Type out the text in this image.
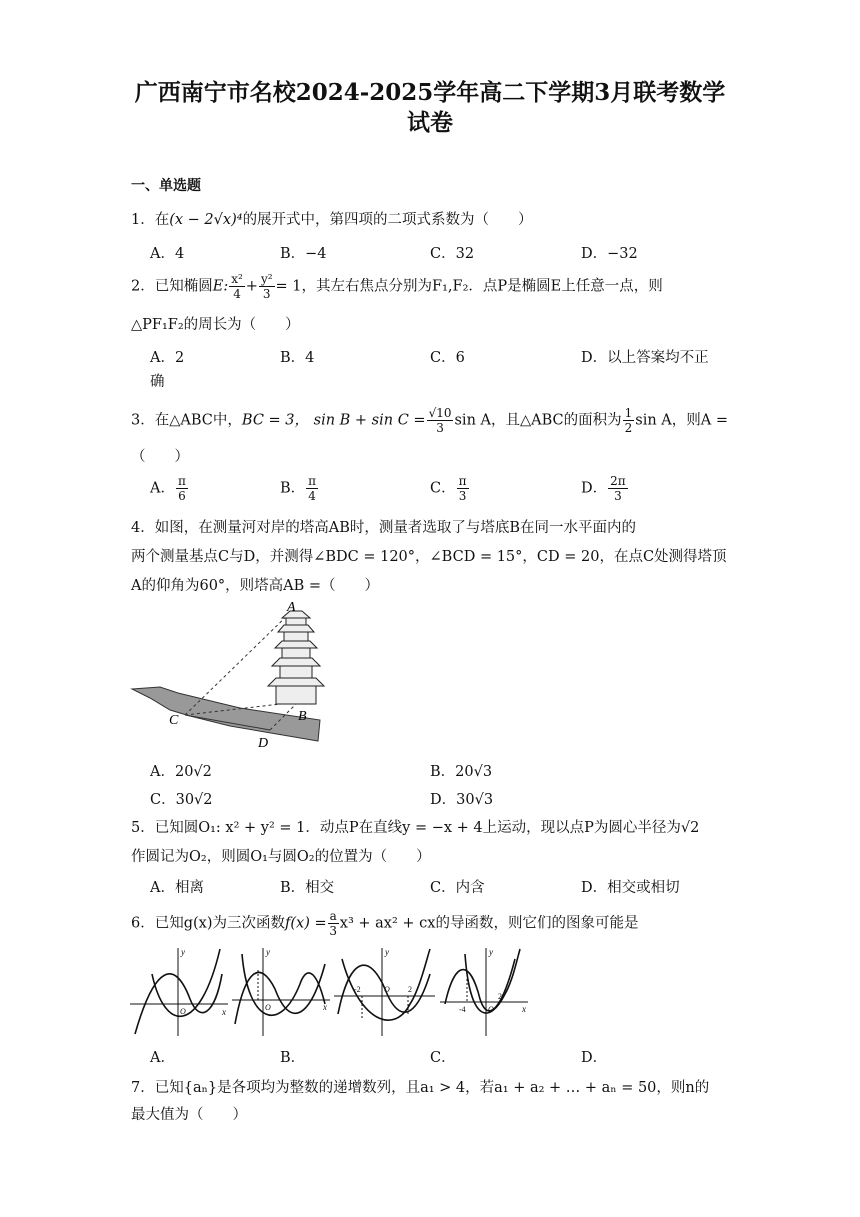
广西南宁市名校2024-2025学年高二下学期3月联考数学
试卷
一、单选题
1．在(x − 2√x)⁴的展开式中，第四项的二项式系数为（　　）
A．4	B．−4	C．32	D．−32
2．已知椭圆E: $\frac{\text{x²}}{4} + \frac{\text{y²}}{3} = 1$，其左右焦点分别为F₁,F₂．点P是椭圆E上任意一点，则
△PF₁F₂的周长为（　　）
A．2	B．4	C．6	D．以上答案均不正
确
3．在△ABC中，BC = 3， $\sin B + \sin C = \frac{√10}{3}$ sin A，且△ABC的面积为 $\frac{1}{2}$ sin A，则A =
（　　）
A． $\frac{\pi}{6}$	B． $\frac{\pi}{4}$	C． $\frac{\pi}{3}$	D． $\frac{2\pi}{3}$
4．如图，在测量河对岸的塔高AB时，测量者选取了与塔底B在同一水平面内的
两个测量基点C与D，并测得∠BDC = 120°，∠BCD = 15°，CD = 20，在点C处测得塔顶
A的仰角为60°，则塔高AB =（　　）
A
B
C
D
A．20√2	B．20√3
C．30√2	D．30√3
5．已知圆O₁: x² + y² = 1．动点P在直线y = −x + 4上运动，现以点P为圆心半径为√2
作圆记为O₂，则圆O₁与圆O₂的位置为（　　）
A．相离	B．相交	C．内含	D．相交或相切
6．已知g(x)为三次函数$f(x) = \frac{a}{3} x^3 + ax^2$ + cx的导函数，则它们的图象可能是
y
x
O
y
x
O
y
-2	2
O
y
x
-4
2
O
A．	B．	C．	D．
7．已知{aₙ}是各项均为整数的递增数列，且a₁ > 4，若a₁ + a₂ + … + aₙ = 50，则n的
最大值为（　　）
